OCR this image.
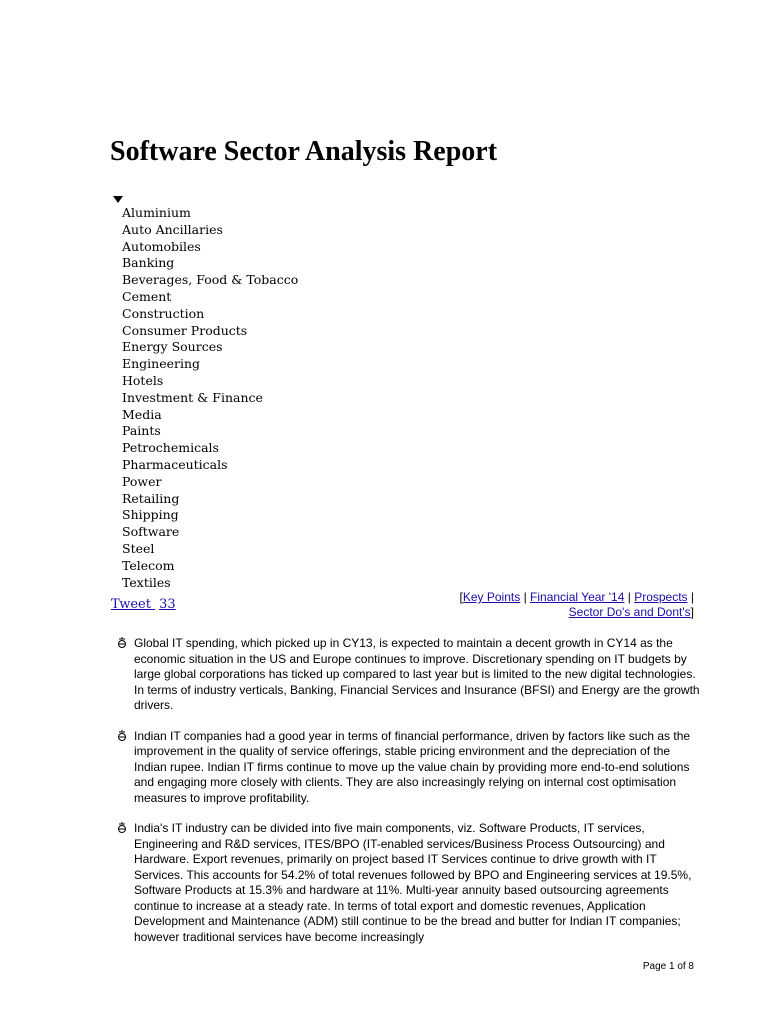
Software Sector Analysis Report
Aluminium
Auto Ancillaries
Automobiles
Banking
Beverages, Food & Tobacco
Cement
Construction
Consumer Products
Energy Sources
Engineering
Hotels
Investment & Finance
Media
Paints
Petrochemicals
Pharmaceuticals
Power
Retailing
Shipping
Software
Steel
Telecom
Textiles
Tweet 33	[Key Points | Financial Year '14 | Prospects |
Sector Do's and Dont's]
Global IT spending, which picked up in CY13, is expected to maintain a decent growth in CY14 as the economic situation in the US and Europe continues to improve. Discretionary spending on IT budgets by large global corporations has ticked up compared to last year but is limited to the new digital technologies. In terms of industry verticals, Banking, Financial Services and Insurance (BFSI) and Energy are the growth drivers.
Indian IT companies had a good year in terms of financial performance, driven by factors like such as the improvement in the quality of service offerings, stable pricing environment and the depreciation of the Indian rupee. Indian IT firms continue to move up the value chain by providing more end-to-end solutions and engaging more closely with clients. They are also increasingly relying on internal cost optimisation measures to improve profitability.
India's IT industry can be divided into five main components, viz. Software Products, IT services, Engineering and R&D services, ITES/BPO (IT-enabled services/Business Process Outsourcing) and Hardware. Export revenues, primarily on project based IT Services continue to drive growth with IT Services. This accounts for 54.2% of total revenues followed by BPO and Engineering services at 19.5%, Software Products at 15.3% and hardware at 11%. Multi-year annuity based outsourcing agreements continue to increase at a steady rate. In terms of total export and domestic revenues, Application Development and Maintenance (ADM) still continue to be the bread and butter for Indian IT companies; however traditional services have become increasingly
Page 1 of 8
